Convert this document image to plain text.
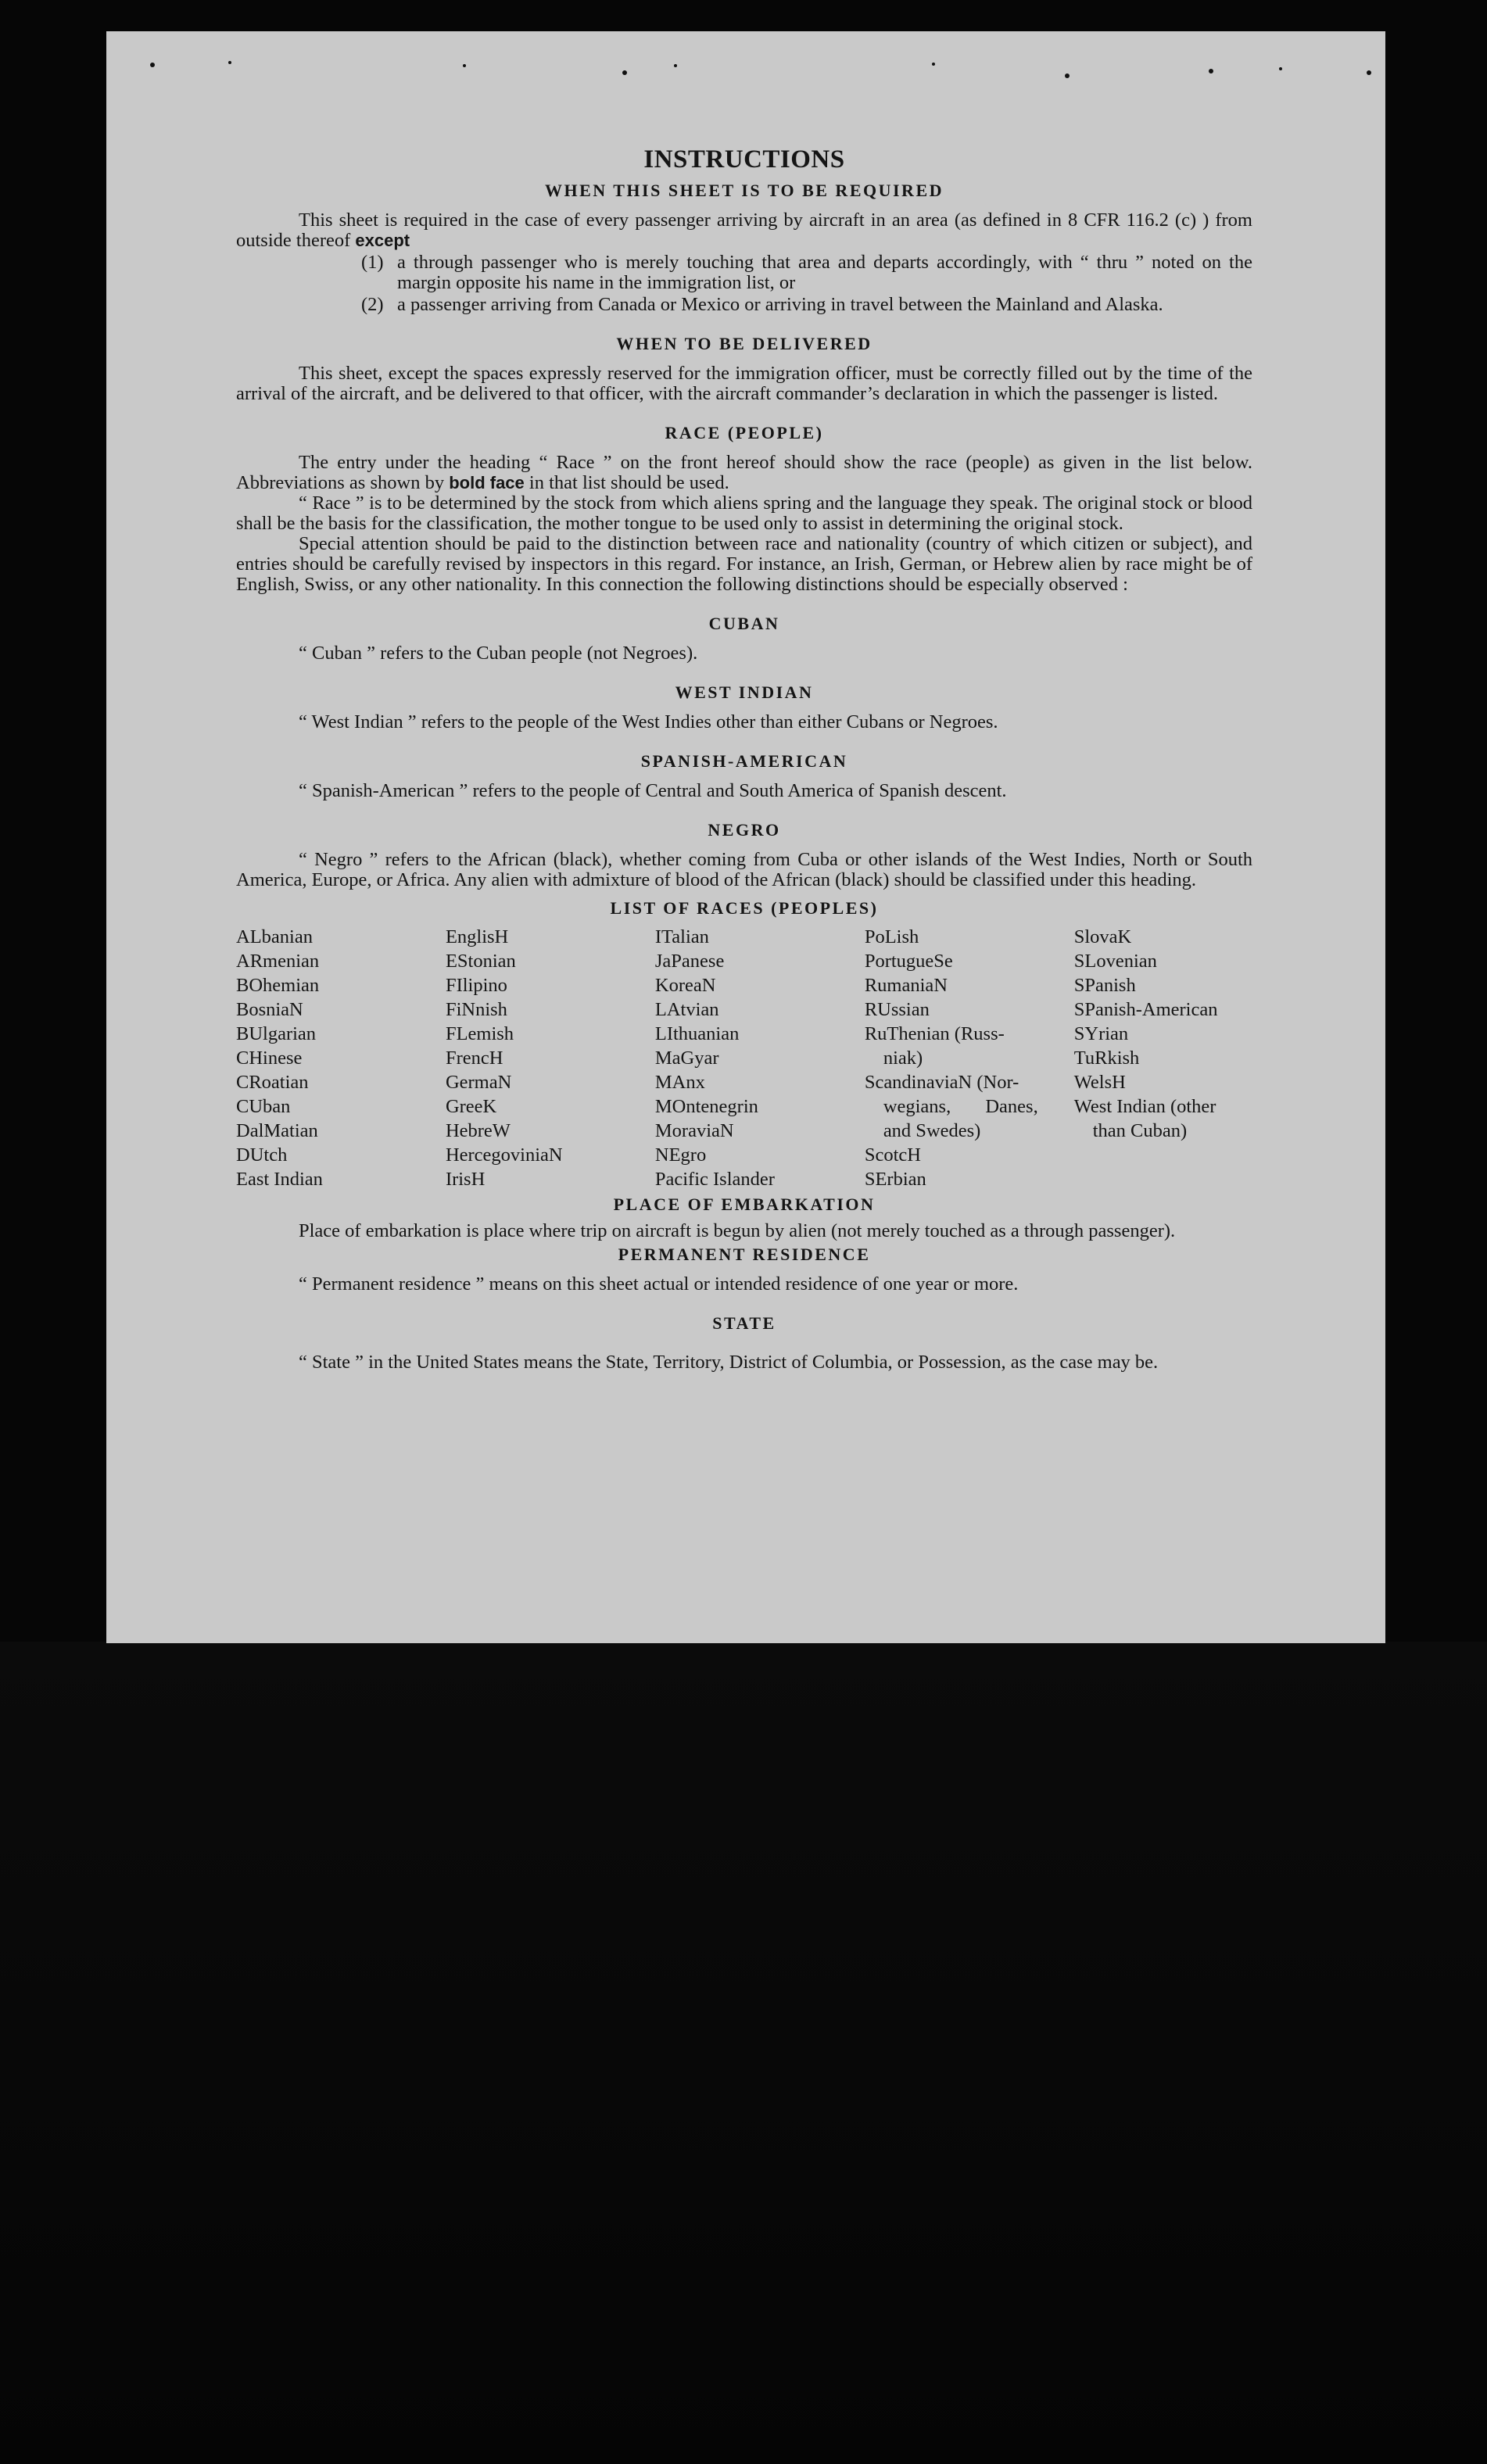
INSTRUCTIONS
WHEN THIS SHEET IS TO BE REQUIRED

This sheet is required in the case of every passenger arriving by aircraft in an area (as defined in 8 CFR 116.2 (c) ) from outside thereof except

(1) a through passenger who is merely touching that area and departs accordingly, with “ thru ” noted on the margin opposite his name in the immigration list, or
(2) a passenger arriving from Canada or Mexico or arriving in travel between the Mainland and Alaska.
WHEN TO BE DELIVERED

This sheet, except the spaces expressly reserved for the immigration officer, must be correctly filled out by the time of the arrival of the aircraft, and be delivered to that officer, with the aircraft commander’s declaration in which the passenger is listed.

RACE (PEOPLE)

The entry under the heading “ Race ” on the front hereof should show the race (people) as given in the list below. Abbreviations as shown by bold face in that list should be used.

“ Race ” is to be determined by the stock from which aliens spring and the language they speak. The original stock or blood shall be the basis for the classification, the mother tongue to be used only to assist in determining the original stock.

Special attention should be paid to the distinction between race and nationality (country of which citizen or subject), and entries should be carefully revised by inspectors in this regard. For instance, an Irish, German, or Hebrew alien by race might be of English, Swiss, or any other nationality. In this connection the following distinctions should be especially observed :

CUBAN

“ Cuban ” refers to the Cuban people (not Negroes).

WEST INDIAN

“ West Indian ” refers to the people of the West Indies other than either Cubans or Negroes.

SPANISH-AMERICAN

“ Spanish-American ” refers to the people of Central and South America of Spanish descent.

NEGRO

“ Negro ” refers to the African (black), whether coming from Cuba or other islands of the West Indies, North or South America, Europe, or Africa. Any alien with admixture of blood of the African (black) should be classified under this heading.

LIST OF RACES (PEOPLES)
ALbanian
ARmenian
BOhemian
BosniaN
BUlgarian
CHinese
CRoatian
CUban
DalMatian
DUtch
East Indian
EnglisH
EStonian
FIlipino
FiNnish
FLemish
FrencH
GermaN
GreeK
HebreW
HercegoviniaN
IrisH
ITalian
JaPanese
KoreaN
LAtvian
LIthuanian
MaGyar
MAnx
MOntenegrin
MoraviaN
NEgro
Pacific Islander
PoLish
PortugueSe
RumaniaN
RUssian
RuThenian (Russ-
niak)
ScandinaviaN (Nor-
wegians, Danes,
and Swedes)
ScotcH
SErbian
SlovaK
SLovenian
SPanish
SPanish-American
SYrian
TuRkish
WelsH
West Indian (other
than Cuban)
PLACE OF EMBARKATION

Place of embarkation is place where trip on aircraft is begun by alien (not merely touched as a through passenger).

PERMANENT RESIDENCE

“ Permanent residence ” means on this sheet actual or intended residence of one year or more.

STATE

“ State ” in the United States means the State, Territory, District of Columbia, or Possession, as the case may be.
